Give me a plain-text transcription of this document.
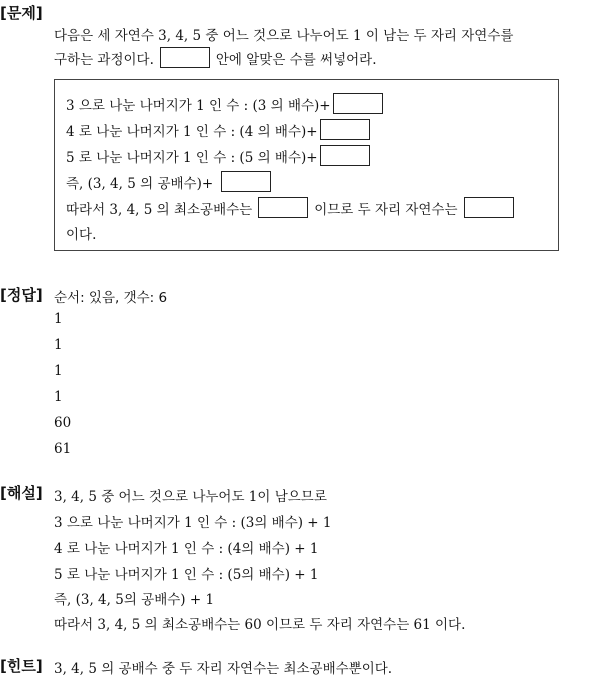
[문제]
다음은 세 자연수 3, 4, 5 중 어느 것으로 나누어도 1 이 남는 두 자리 자연수를
구하는 과정이다.	안에 알맞은 수를 써넣어라.
3 으로 나눈 나머지가 1 인 수 : (3 의 배수)+
4 로 나눈 나머지가 1 인 수 : (4 의 배수)+
5 로 나눈 나머지가 1 인 수 : (5 의 배수)+
즉, (3, 4, 5 의 공배수)+
따라서 3, 4, 5 의 최소공배수는	이므로 두 자리 자연수는
이다.
[정답] 순서: 있음, 갯수: 6
1
1
1
1
60
61
[해설] 3, 4, 5 중 어느 것으로 나누어도 1이 남으므로
3 으로 나눈 나머지가 1 인 수 : (3의 배수) + 1
4 로 나눈 나머지가 1 인 수 : (4의 배수) + 1
5 로 나눈 나머지가 1 인 수 : (5의 배수) + 1
즉, (3, 4, 5의 공배수) + 1
따라서 3, 4, 5 의 최소공배수는 60 이므로 두 자리 자연수는 61 이다.
[힌트] 3, 4, 5 의 공배수 중 두 자리 자연수는 최소공배수뿐이다.
